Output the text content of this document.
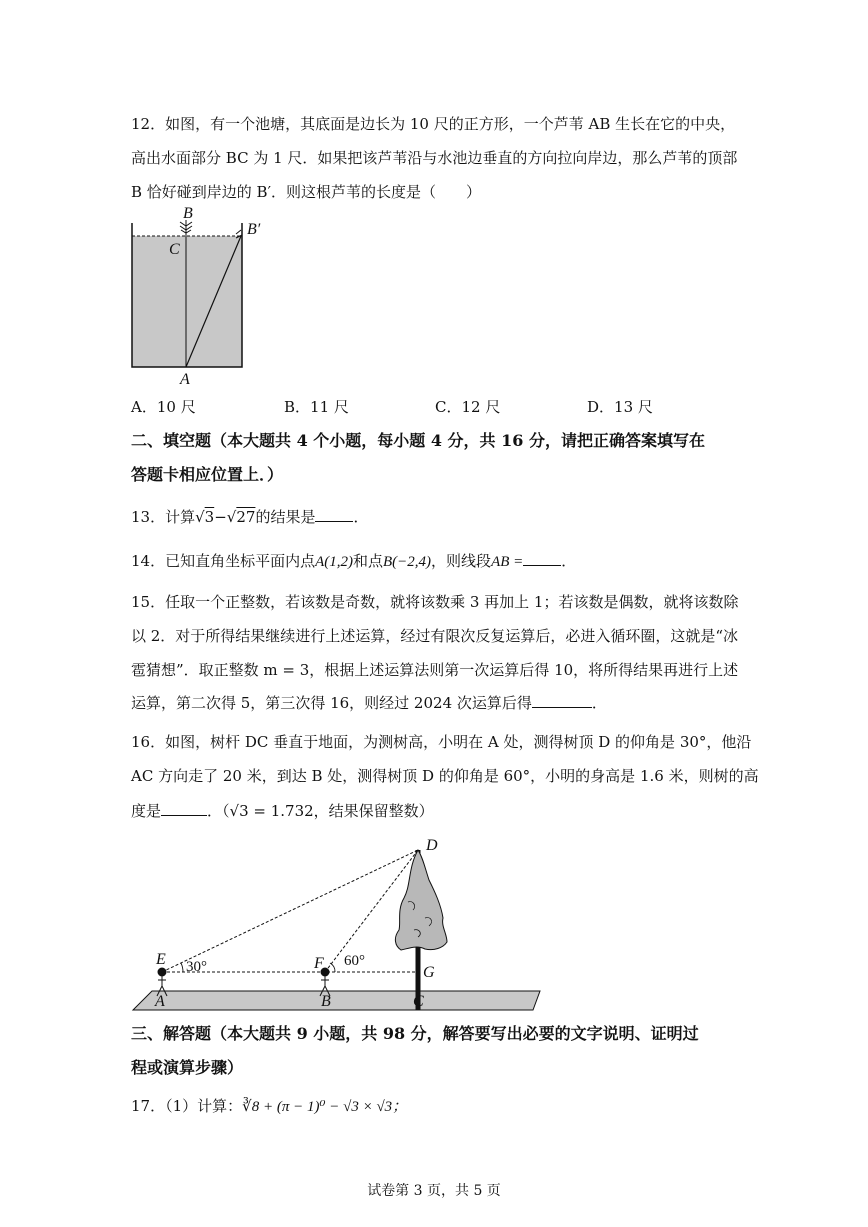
12．如图，有一个池塘，其底面是边长为 10 尺的正方形，一个芦苇 AB 生长在它的中央，
高出水面部分 BC 为 1 尺．如果把该芦苇沿与水池边垂直的方向拉向岸边，那么芦苇的顶部
B 恰好碰到岸边的 B′．则这根芦苇的长度是（　　）
B
B′
C
A
A．10 尺	B．11 尺	C．12 尺	D．13 尺
二、填空题（本大题共 4 个小题，每小题 4 分，共 16 分，请把正确答案填写在
答题卡相应位置上．）
13．计算√3−√27的结果是	．
14．已知直角坐标平面内点A(1,2)和点B(−2,4)，则线段AB =	．
15．任取一个正整数，若该数是奇数，就将该数乘 3 再加上 1；若该数是偶数，就将该数除
以 2．对于所得结果继续进行上述运算，经过有限次反复运算后，必进入循环圈，这就是“冰
雹猜想”．取正整数 m = 3，根据上述运算法则第一次运算后得 10，将所得结果再进行上述
运算，第二次得 5，第三次得 16，则经过 2024 次运算后得	．
16．如图，树杆 DC 垂直于地面，为测树高，小明在 A 处，测得树顶 D 的仰角是 30°，他沿
AC 方向走了 20 米，到达 B 处，测得树顶 D 的仰角是 60°，小明的身高是 1.6 米，则树的高
度是	．（√3 = 1.732，结果保留整数）
D
E	F
G
A	B	C
30°	60°
三、解答题（本大题共 9 小题，共 98 分，解答要写出必要的文字说明、证明过
程或演算步骤）
17．（1）计算：∛8 + (π − 1)⁰ − √3 × √3；
试卷第 3 页，共 5 页
